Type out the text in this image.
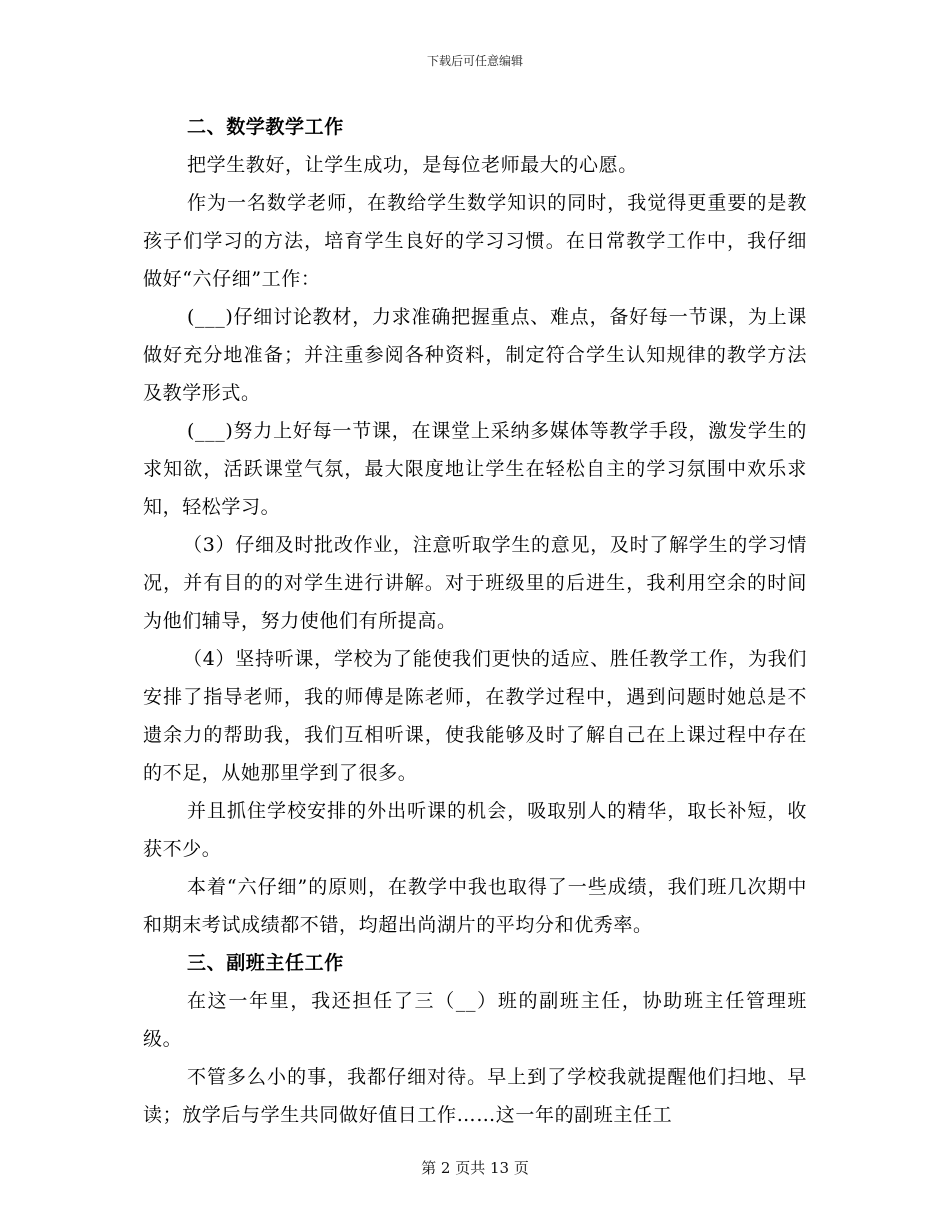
下载后可任意编辑

二、数学教学工作

把学生教好，让学生成功，是每位老师最大的心愿。

作为一名数学老师，在教给学生数学知识的同时，我觉得更重要的是教孩子们学习的方法，培育学生良好的学习习惯。在日常教学工作中，我仔细做好“六仔细”工作：

(___)仔细讨论教材，力求准确把握重点、难点，备好每一节课，为上课做好充分地准备；并注重参阅各种资料，制定符合学生认知规律的教学方法及教学形式。

(___)努力上好每一节课，在课堂上采纳多媒体等教学手段，激发学生的求知欲，活跃课堂气氛，最大限度地让学生在轻松自主的学习氛围中欢乐求知，轻松学习。

（3）仔细及时批改作业，注意听取学生的意见，及时了解学生的学习情况，并有目的的对学生进行讲解。对于班级里的后进生，我利用空余的时间为他们辅导，努力使他们有所提高。

（4）坚持听课，学校为了能使我们更快的适应、胜任教学工作，为我们安排了指导老师，我的师傅是陈老师，在教学过程中，遇到问题时她总是不遗余力的帮助我，我们互相听课，使我能够及时了解自己在上课过程中存在的不足，从她那里学到了很多。

并且抓住学校安排的外出听课的机会，吸取别人的精华，取长补短，收获不少。

本着“六仔细”的原则，在教学中我也取得了一些成绩，我们班几次期中和期末考试成绩都不错，均超出尚湖片的平均分和优秀率。

三、副班主任工作

在这一年里，我还担任了三（__）班的副班主任，协助班主任管理班级。

不管多么小的事，我都仔细对待。早上到了学校我就提醒他们扫地、早读；放学后与学生共同做好值日工作……这一年的副班主任工

第 2 页共 13 页
